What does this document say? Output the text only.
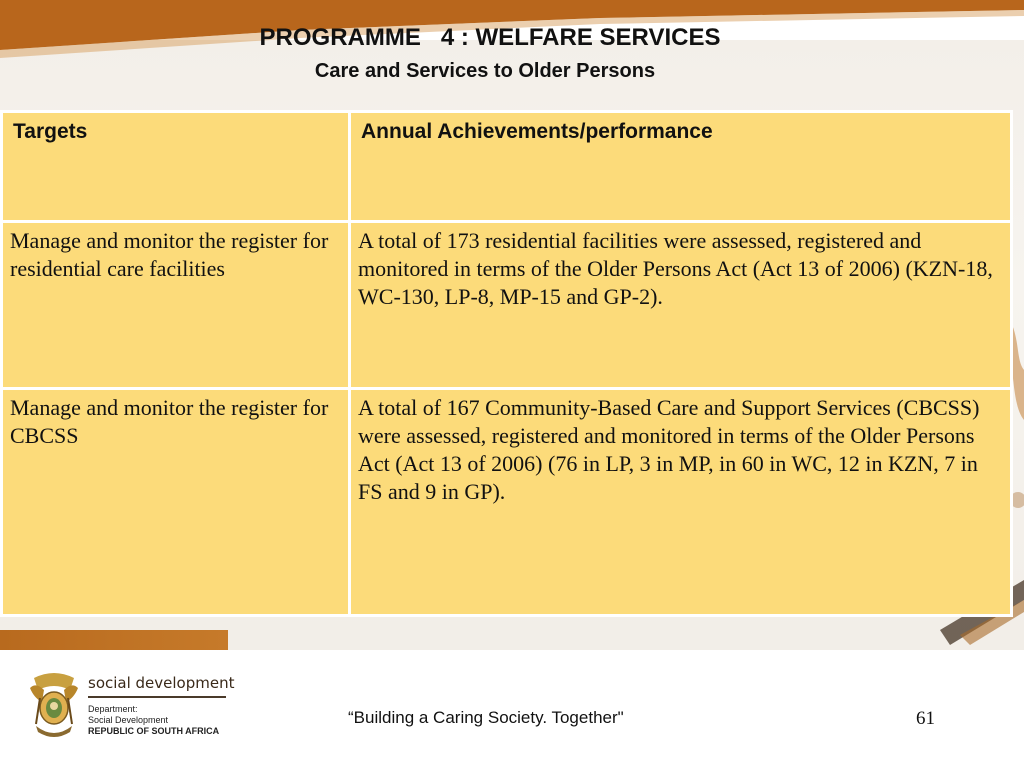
PROGRAMME   4 : WELFARE SERVICES
Care and Services to Older Persons
Targets	Annual Achievements/performance
Manage and monitor the register for residential care facilities	A total of 173 residential facilities were assessed, registered and monitored in terms of the Older Persons Act (Act 13 of 2006) (KZN-18, WC-130, LP-8, MP-15 and GP-2).
Manage and monitor the register for CBCSS	A total of 167 Community-Based Care and Support Services (CBCSS) were assessed, registered and monitored in terms of the Older Persons Act (Act 13 of 2006) (76 in LP, 3 in MP, in 60 in WC, 12 in KZN, 7 in FS and 9 in GP).
social development
Department:
Social Development
REPUBLIC OF SOUTH AFRICA
“Building a Caring Society. Together"	61
